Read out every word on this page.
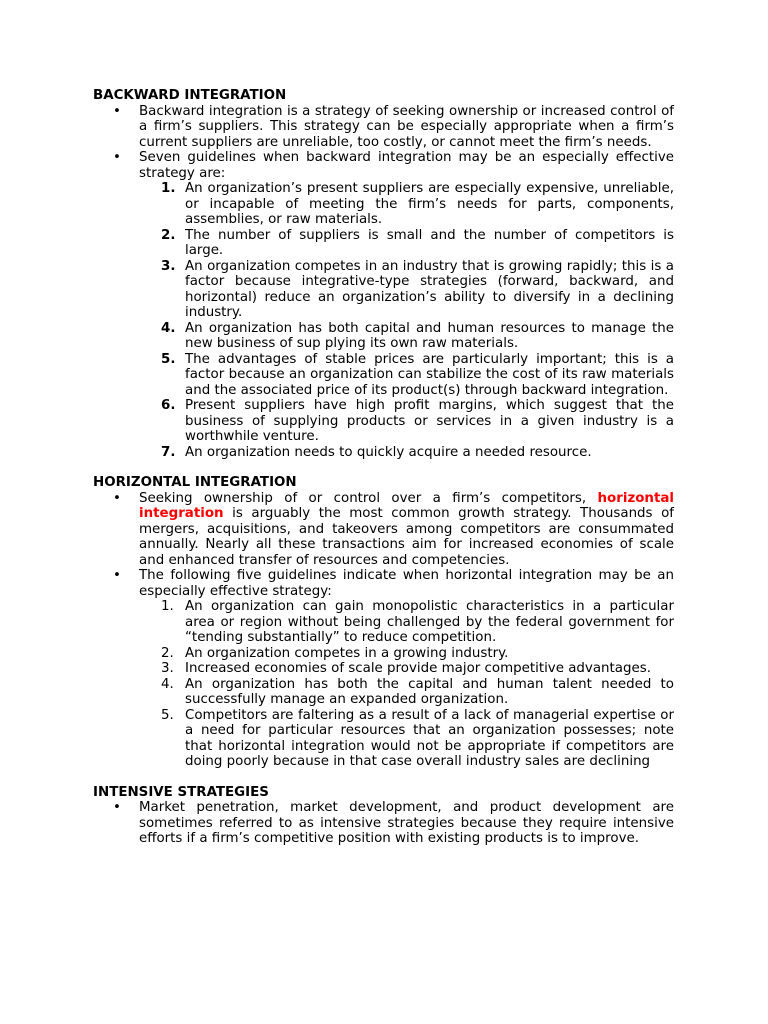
BACKWARD INTEGRATION
• Backward integration is a strategy of seeking ownership or increased control of a firm’s suppliers. This strategy can be especially appropriate when a firm’s current suppliers are unreliable, too costly, or cannot meet the firm’s needs.
• Seven guidelines when backward integration may be an especially effective strategy are:
1. An organization’s present suppliers are especially expensive, unreliable, or incapable of meeting the firm’s needs for parts, components, assemblies, or raw materials.
2. The number of suppliers is small and the number of competitors is large.
3. An organization competes in an industry that is growing rapidly; this is a factor because integrative-type strategies (forward, backward, and horizontal) reduce an organization’s ability to diversify in a declining industry.
4. An organization has both capital and human resources to manage the new business of sup plying its own raw materials.
5. The advantages of stable prices are particularly important; this is a factor because an organization can stabilize the cost of its raw materials and the associated price of its product(s) through backward integration.
6. Present suppliers have high profit margins, which suggest that the business of supplying products or services in a given industry is a worthwhile venture.
7. An organization needs to quickly acquire a needed resource.
HORIZONTAL INTEGRATION
• Seeking ownership of or control over a firm’s competitors, horizontal integration is arguably the most common growth strategy. Thousands of mergers, acquisitions, and takeovers among competitors are consummated annually. Nearly all these transactions aim for increased economies of scale and enhanced transfer of resources and competencies.
• The following five guidelines indicate when horizontal integration may be an especially effective strategy:
1. An organization can gain monopolistic characteristics in a particular area or region without being challenged by the federal government for “tending substantially” to reduce competition.
2. An organization competes in a growing industry.
3. Increased economies of scale provide major competitive advantages.
4. An organization has both the capital and human talent needed to successfully manage an expanded organization.
5. Competitors are faltering as a result of a lack of managerial expertise or a need for particular resources that an organization possesses; note that horizontal integration would not be appropriate if competitors are doing poorly because in that case overall industry sales are declining
INTENSIVE STRATEGIES
• Market penetration, market development, and product development are sometimes referred to as intensive strategies because they require intensive efforts if a firm’s competitive position with existing products is to improve.
